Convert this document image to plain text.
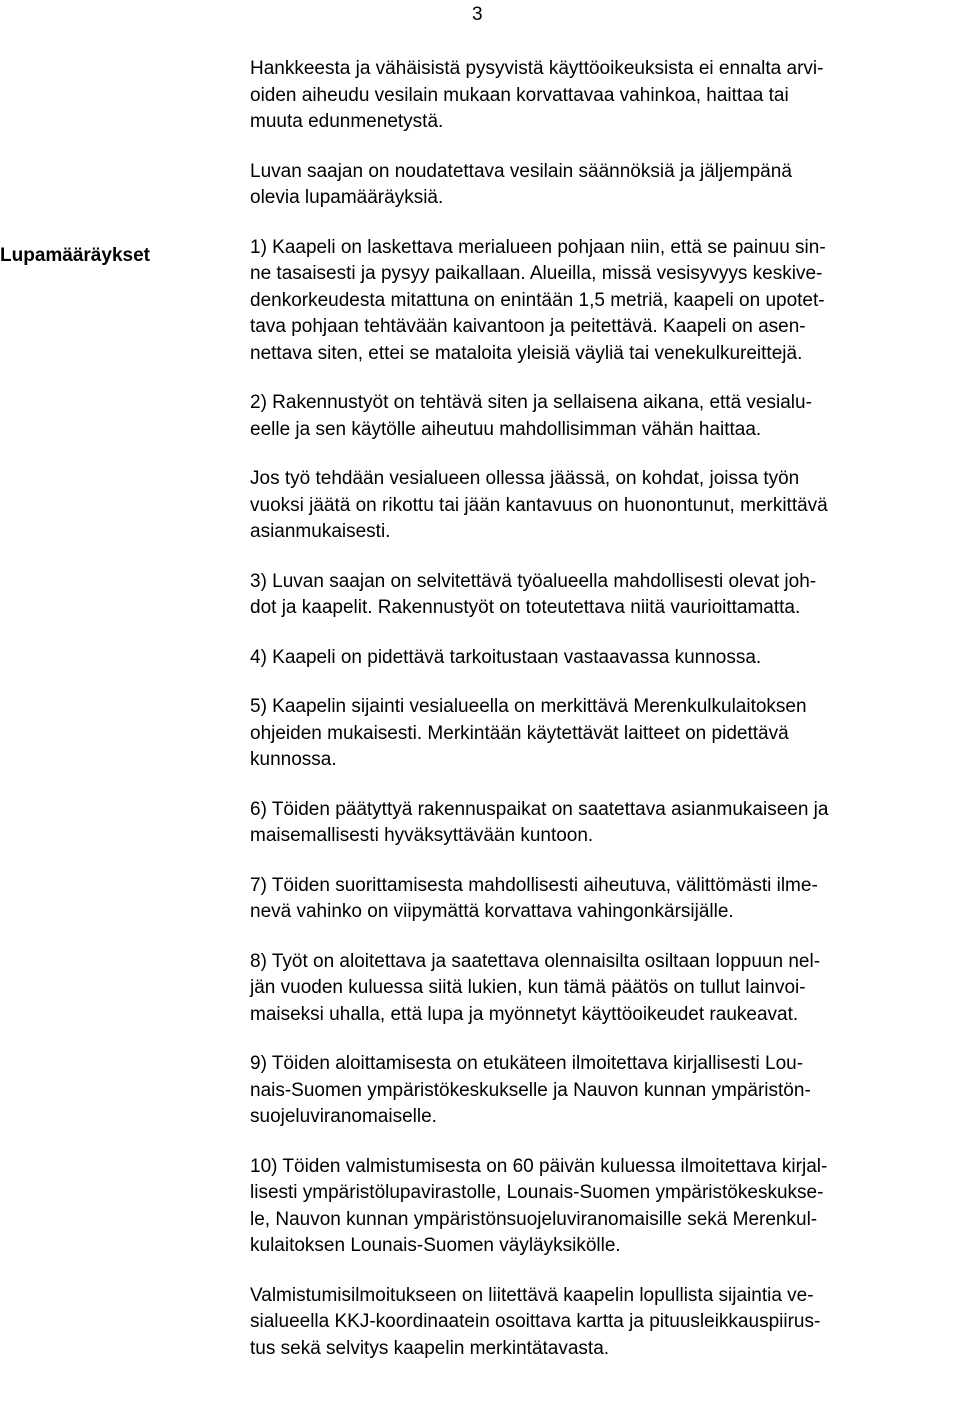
3
Lupamääräykset

Hankkeesta ja vähäisistä pysyvistä käyttöoikeuksista ei ennalta arvi-
oiden aiheudu vesilain mukaan korvattavaa vahinkoa, haittaa tai
muuta edunmenetystä.

Luvan saajan on noudatettava vesilain säännöksiä ja jäljempänä
olevia lupamääräyksiä.

1) Kaapeli on laskettava merialueen pohjaan niin, että se painuu sin-
ne tasaisesti ja pysyy paikallaan. Alueilla, missä vesisyvyys keskive-
denkorkeudesta mitattuna on enintään 1,5 metriä, kaapeli on upotet-
tava pohjaan tehtävään kaivantoon ja peitettävä. Kaapeli on asen-
nettava siten, ettei se mataloita yleisiä väyliä tai venekulkureittejä.

2) Rakennustyöt on tehtävä siten ja sellaisena aikana, että vesialu-
eelle ja sen käytölle aiheutuu mahdollisimman vähän haittaa.

Jos työ tehdään vesialueen ollessa jäässä, on kohdat, joissa työn
vuoksi jäätä on rikottu tai jään kantavuus on huonontunut, merkittävä
asianmukaisesti.

3) Luvan saajan on selvitettävä työalueella mahdollisesti olevat joh-
dot ja kaapelit. Rakennustyöt on toteutettava niitä vaurioittamatta.

4) Kaapeli on pidettävä tarkoitustaan vastaavassa kunnossa.

5) Kaapelin sijainti vesialueella on merkittävä Merenkulkulaitoksen
ohjeiden mukaisesti. Merkintään käytettävät laitteet on pidettävä
kunnossa.

6) Töiden päätyttyä rakennuspaikat on saatettava asianmukaiseen ja
maisemallisesti hyväksyttävään kuntoon.

7) Töiden suorittamisesta mahdollisesti aiheutuva, välittömästi ilme-
nevä vahinko on viipymättä korvattava vahingonkärsijälle.

8) Työt on aloitettava ja saatettava olennaisilta osiltaan loppuun nel-
jän vuoden kuluessa siitä lukien, kun tämä päätös on tullut lainvoi-
maiseksi uhalla, että lupa ja myönnetyt käyttöoikeudet raukeavat.

9) Töiden aloittamisesta on etukäteen ilmoitettava kirjallisesti Lou-
nais-Suomen ympäristökeskukselle ja Nauvon kunnan ympäristön-
suojeluviranomaiselle.

10) Töiden valmistumisesta on 60 päivän kuluessa ilmoitettava kirjal-
lisesti ympäristölupavirastolle, Lounais-Suomen ympäristökeskukse-
le, Nauvon kunnan ympäristönsuojeluviranomaisille sekä Merenkul-
kulaitoksen Lounais-Suomen väyläyksikölle.

Valmistumisilmoitukseen on liitettävä kaapelin lopullista sijaintia ve-
sialueella KKJ-koordinaatein osoittava kartta ja pituusleikkauspiirus-
tus sekä selvitys kaapelin merkintätavasta.
